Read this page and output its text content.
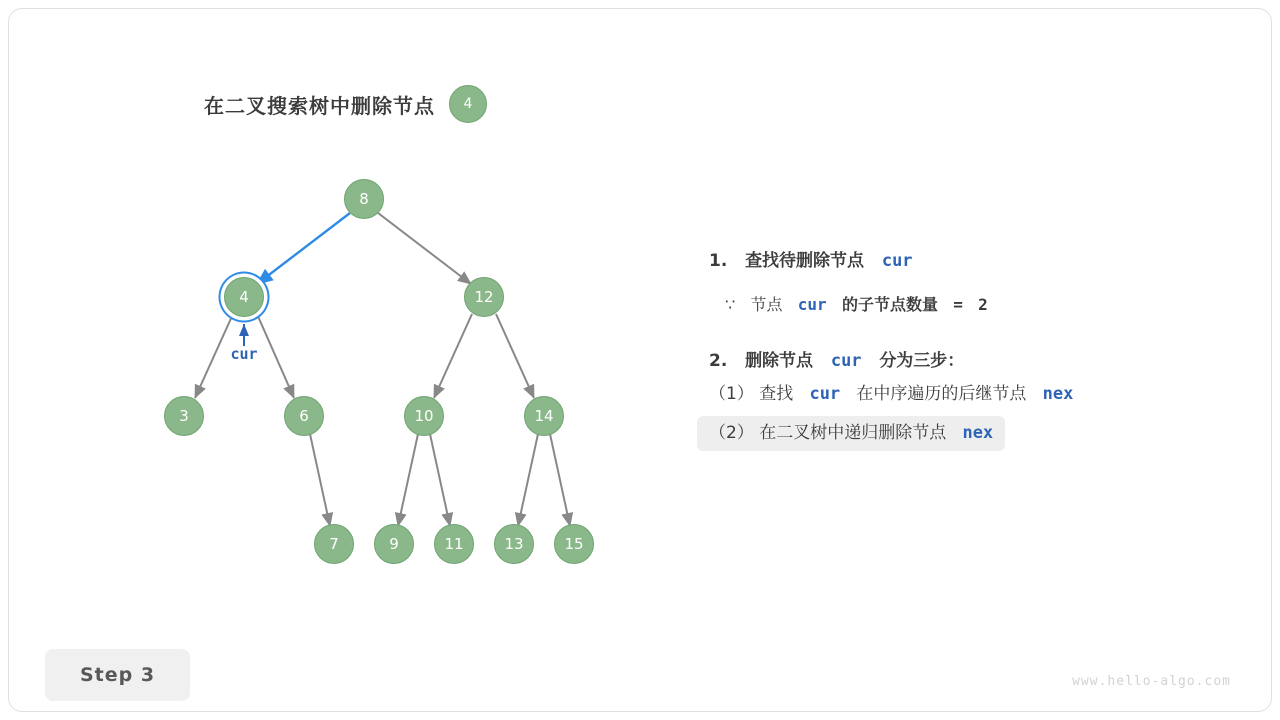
在二叉搜索树中删除节点	4
4
8
12
3	6	10	14
7	9	11	13	15
cur
1. 查找待删除节点 cur
∵ 节点 cur 的子节点数量 = 2
2. 删除节点 cur 分为三步：
（1） 查找 cur 在中序遍历的后继节点 nex
（2） 在二叉树中递归删除节点 nex
Step 3	www.hello-algo.com
